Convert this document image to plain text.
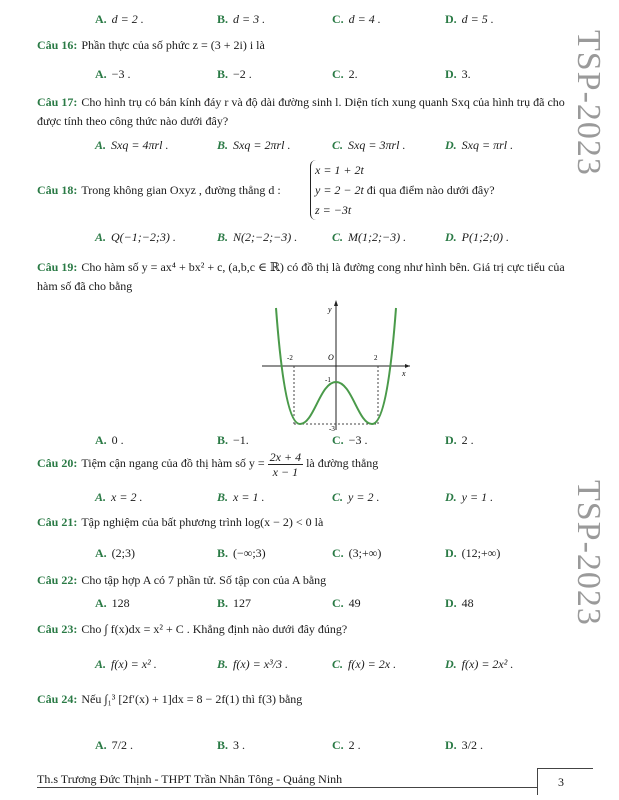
A. d = 2 .	B. d = 3 .	C. d = 4 .	D. d = 5 .
Câu 16: Phần thực của số phức z = (3 + 2i) i là
A. −3 .	B. −2 .	C. 2.	D. 3.
Câu 17: Cho hình trụ có bán kính đáy r và độ dài đường sinh l. Diện tích xung quanh Sxq của hình trụ đã cho được tính theo công thức nào dưới đây?
A. Sxq = 4πrl .	B. Sxq = 2πrl .	C. Sxq = 3πrl .	D. Sxq = πrl .
Câu 18: Trong không gian Oxyz , đường thẳng d :	đi qua điểm nào dưới đây?
x = 1 + 2t
y = 2 − 2t
z = −3t
A. Q(−1;−2;3) .	B. N(2;−2;−3) .	C. M(1;2;−3) .	D. P(1;2;0) .
Câu 19: Cho hàm số y = ax⁴ + bx² + c, (a,b,c ∈ ℝ) có đồ thị là đường cong như hình bên. Giá trị cực tiểu của hàm số đã cho bằng
y
x
O
-2	2
-1
-3
A. 0 .	B. −1.	C. −3 .	D. 2 .
Câu 20: Tiệm cận ngang của đồ thị hàm số $y = \frac{2x + 4}{x - 1}$ là đường thẳng
A. x = 2 .	B. x = 1 .	C. y = 2 .	D. y = 1 .
Câu 21: Tập nghiệm của bất phương trình log(x − 2) < 0 là
A. (2;3)	B. (−∞;3)	C. (3;+∞)	D. (12;+∞)
Câu 22: Cho tập hợp A có 7 phần tử. Số tập con của A bằng
A. 128	B. 127	C. 49	D. 48
Câu 23: Cho ∫ f(x)dx = x² + C . Khẳng định nào dưới đây đúng?
A. f(x) = x² .	B. f(x) = x³/3 .	C. f(x) = 2x .	D. f(x) = 2x² .
Câu 24: Nếu ∫₁³ [2f′(x) + 1]dx = 8 − 2f(1) thì f(3) bằng
A. 7/2 .	B. 3 .	C. 2 .	D. 3/2 .
TSP-2023
TSP-2023
Th.s Trương Đức Thịnh - THPT Trần Nhân Tông - Quảng Ninh	3
